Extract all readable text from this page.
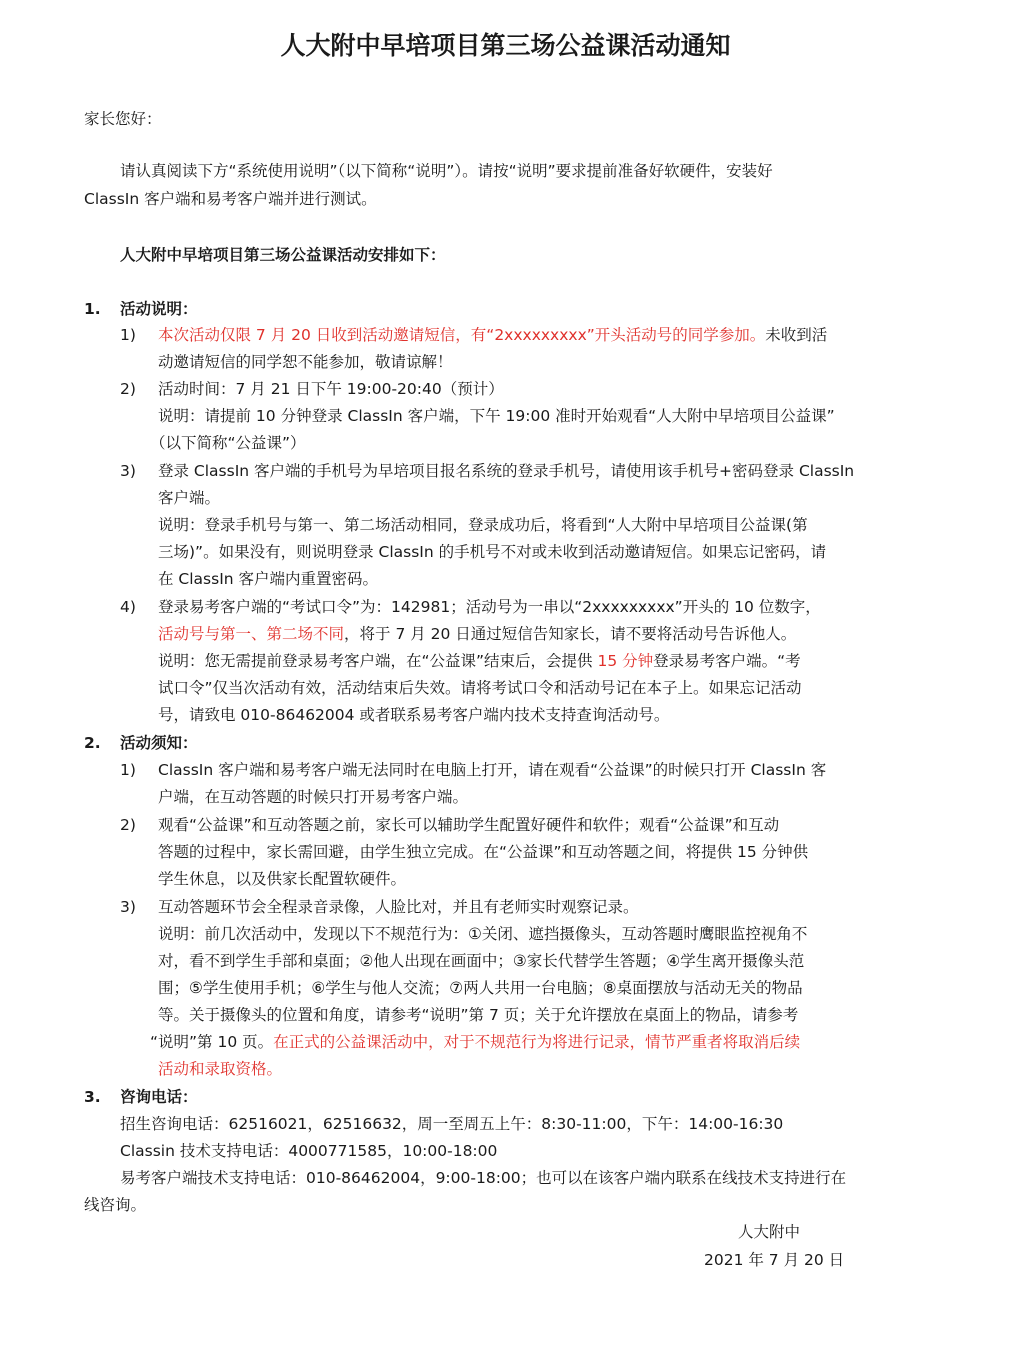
人大附中早培项目第三场公益课活动通知
家长您好：
请认真阅读下方“系统使用说明”（以下简称“说明”）。请按“说明”要求提前准备好软硬件，安装好
ClassIn 客户端和易考客户端并进行测试。
人大附中早培项目第三场公益课活动安排如下：
1. 活动说明：
1) 本次活动仅限 7 月 20 日收到活动邀请短信，有“2xxxxxxxxx”开头活动号的同学参加。未收到活
动邀请短信的同学恕不能参加，敬请谅解！
2) 活动时间：7 月 21 日下午 19:00-20:40（预计）
说明：请提前 10 分钟登录 ClassIn 客户端，下午 19:00 准时开始观看“人大附中早培项目公益课”
（以下简称“公益课”）
3) 登录 ClassIn 客户端的手机号为早培项目报名系统的登录手机号，请使用该手机号+密码登录 ClassIn
客户端。
说明：登录手机号与第一、第二场活动相同，登录成功后，将看到“人大附中早培项目公益课(第
三场)”。如果没有，则说明登录 ClassIn 的手机号不对或未收到活动邀请短信。如果忘记密码，请
在 ClassIn 客户端内重置密码。
4) 登录易考客户端的“考试口令”为：142981；活动号为一串以“2xxxxxxxxx”开头的 10 位数字，
活动号与第一、第二场不同，将于 7 月 20 日通过短信告知家长，请不要将活动号告诉他人。
说明：您无需提前登录易考客户端，在“公益课”结束后，会提供 15 分钟登录易考客户端。“考
试口令”仅当次活动有效，活动结束后失效。请将考试口令和活动号记在本子上。如果忘记活动
号，请致电 010-86462004 或者联系易考客户端内技术支持查询活动号。
2. 活动须知：
1) ClassIn 客户端和易考客户端无法同时在电脑上打开，请在观看“公益课”的时候只打开 ClassIn 客
户端，在互动答题的时候只打开易考客户端。
2) 观看“公益课”和互动答题之前，家长可以辅助学生配置好硬件和软件；观看“公益课”和互动
答题的过程中，家长需回避，由学生独立完成。在“公益课”和互动答题之间，将提供 15 分钟供
学生休息，以及供家长配置软硬件。
3) 互动答题环节会全程录音录像，人脸比对，并且有老师实时观察记录。
说明：前几次活动中，发现以下不规范行为：①关闭、遮挡摄像头，互动答题时鹰眼监控视角不
对，看不到学生手部和桌面；②他人出现在画面中；③家长代替学生答题；④学生离开摄像头范
围；⑤学生使用手机；⑥学生与他人交流；⑦两人共用一台电脑；⑧桌面摆放与活动无关的物品
等。关于摄像头的位置和角度，请参考“说明”第 7 页；关于允许摆放在桌面上的物品，请参考
“说明”第 10 页。在正式的公益课活动中，对于不规范行为将进行记录，情节严重者将取消后续
活动和录取资格。
3. 咨询电话：
招生咨询电话：62516021，62516632，周一至周五上午：8:30-11:00，下午：14:00-16:30
Classin 技术支持电话：4000771585，10:00-18:00
易考客户端技术支持电话：010-86462004，9:00-18:00；也可以在该客户端内联系在线技术支持进行在
线咨询。
人大附中
2021 年 7 月 20 日
